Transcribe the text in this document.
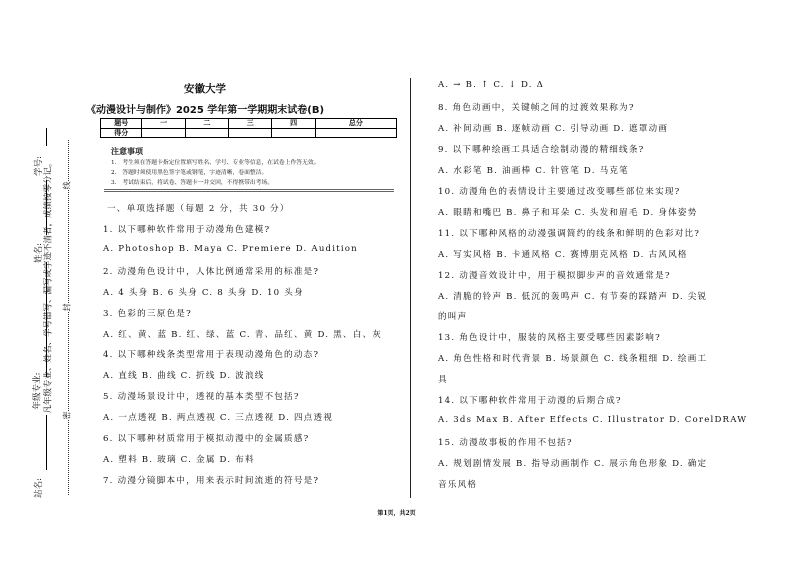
安徽大学
《动漫设计与制作》2025 学年第一学期期末试卷(B)
题号	一	二	三	四	总分
得分					
注意事项
1.　考生须在答题卡指定位置填写姓名、学号、专业等信息，在试卷上作答无效。
2.　答题时须使用黑色签字笔或钢笔，字迹清晰，卷面整洁。
3.　考试结束后，将试卷、答题卡一并交回，不得携带出考场。
一、单项选择题（每题 2 分，共 30 分）
1. 以下哪种软件常用于动漫角色建模?
A. Photoshop B. Maya C. Premiere D. Audition
2. 动漫角色设计中，人体比例通常采用的标准是?
A. 4 头身 B. 6 头身 C. 8 头身 D. 10 头身
3. 色彩的三原色是?
A. 红、黄、蓝 B. 红、绿、蓝 C. 青、品红、黄 D. 黑、白、灰
4. 以下哪种线条类型常用于表现动漫角色的动态?
A. 直线 B. 曲线 C. 折线 D. 波浪线
5. 动漫场景设计中，透视的基本类型不包括?
A. 一点透视 B. 两点透视 C. 三点透视 D. 四点透视
6. 以下哪种材质常用于模拟动漫中的金属质感?
A. 塑料 B. 玻璃 C. 金属 D. 布料
7. 动漫分镜脚本中，用来表示时间流逝的符号是?
A. → B. ↑ C. ↓ D. Δ
8. 角色动画中，关键帧之间的过渡效果称为?
A. 补间动画 B. 逐帧动画 C. 引导动画 D. 遮罩动画
9. 以下哪种绘画工具适合绘制动漫的精细线条?
A. 水彩笔 B. 油画棒 C. 针管笔 D. 马克笔
10. 动漫角色的表情设计主要通过改变哪些部位来实现?
A. 眼睛和嘴巴 B. 鼻子和耳朵 C. 头发和眉毛 D. 身体姿势
11. 以下哪种风格的动漫强调简约的线条和鲜明的色彩对比?
A. 写实风格 B. 卡通风格 C. 赛博朋克风格 D. 古风风格
12. 动漫音效设计中，用于模拟脚步声的音效通常是?
A. 清脆的铃声 B. 低沉的轰鸣声 C. 有节奏的踩踏声 D. 尖锐
的叫声
13. 角色设计中，服装的风格主要受哪些因素影响?
A. 角色性格和时代背景 B. 场景颜色 C. 线条粗细 D. 绘画工
具
14. 以下哪种软件常用于动漫的后期合成?
A. 3ds Max B. After Effects C. Illustrator D. CorelDRAW
15. 动漫故事板的作用不包括?
A. 规划剧情发展 B. 指导动画制作 C. 展示角色形象 D. 确定
音乐风格
学号:
姓名:
年级专业:
站名:
凡年级专业、姓名、学号错写、漏写或字迹不清者，成绩按零分记。 线
封
密
第1页，共2页
